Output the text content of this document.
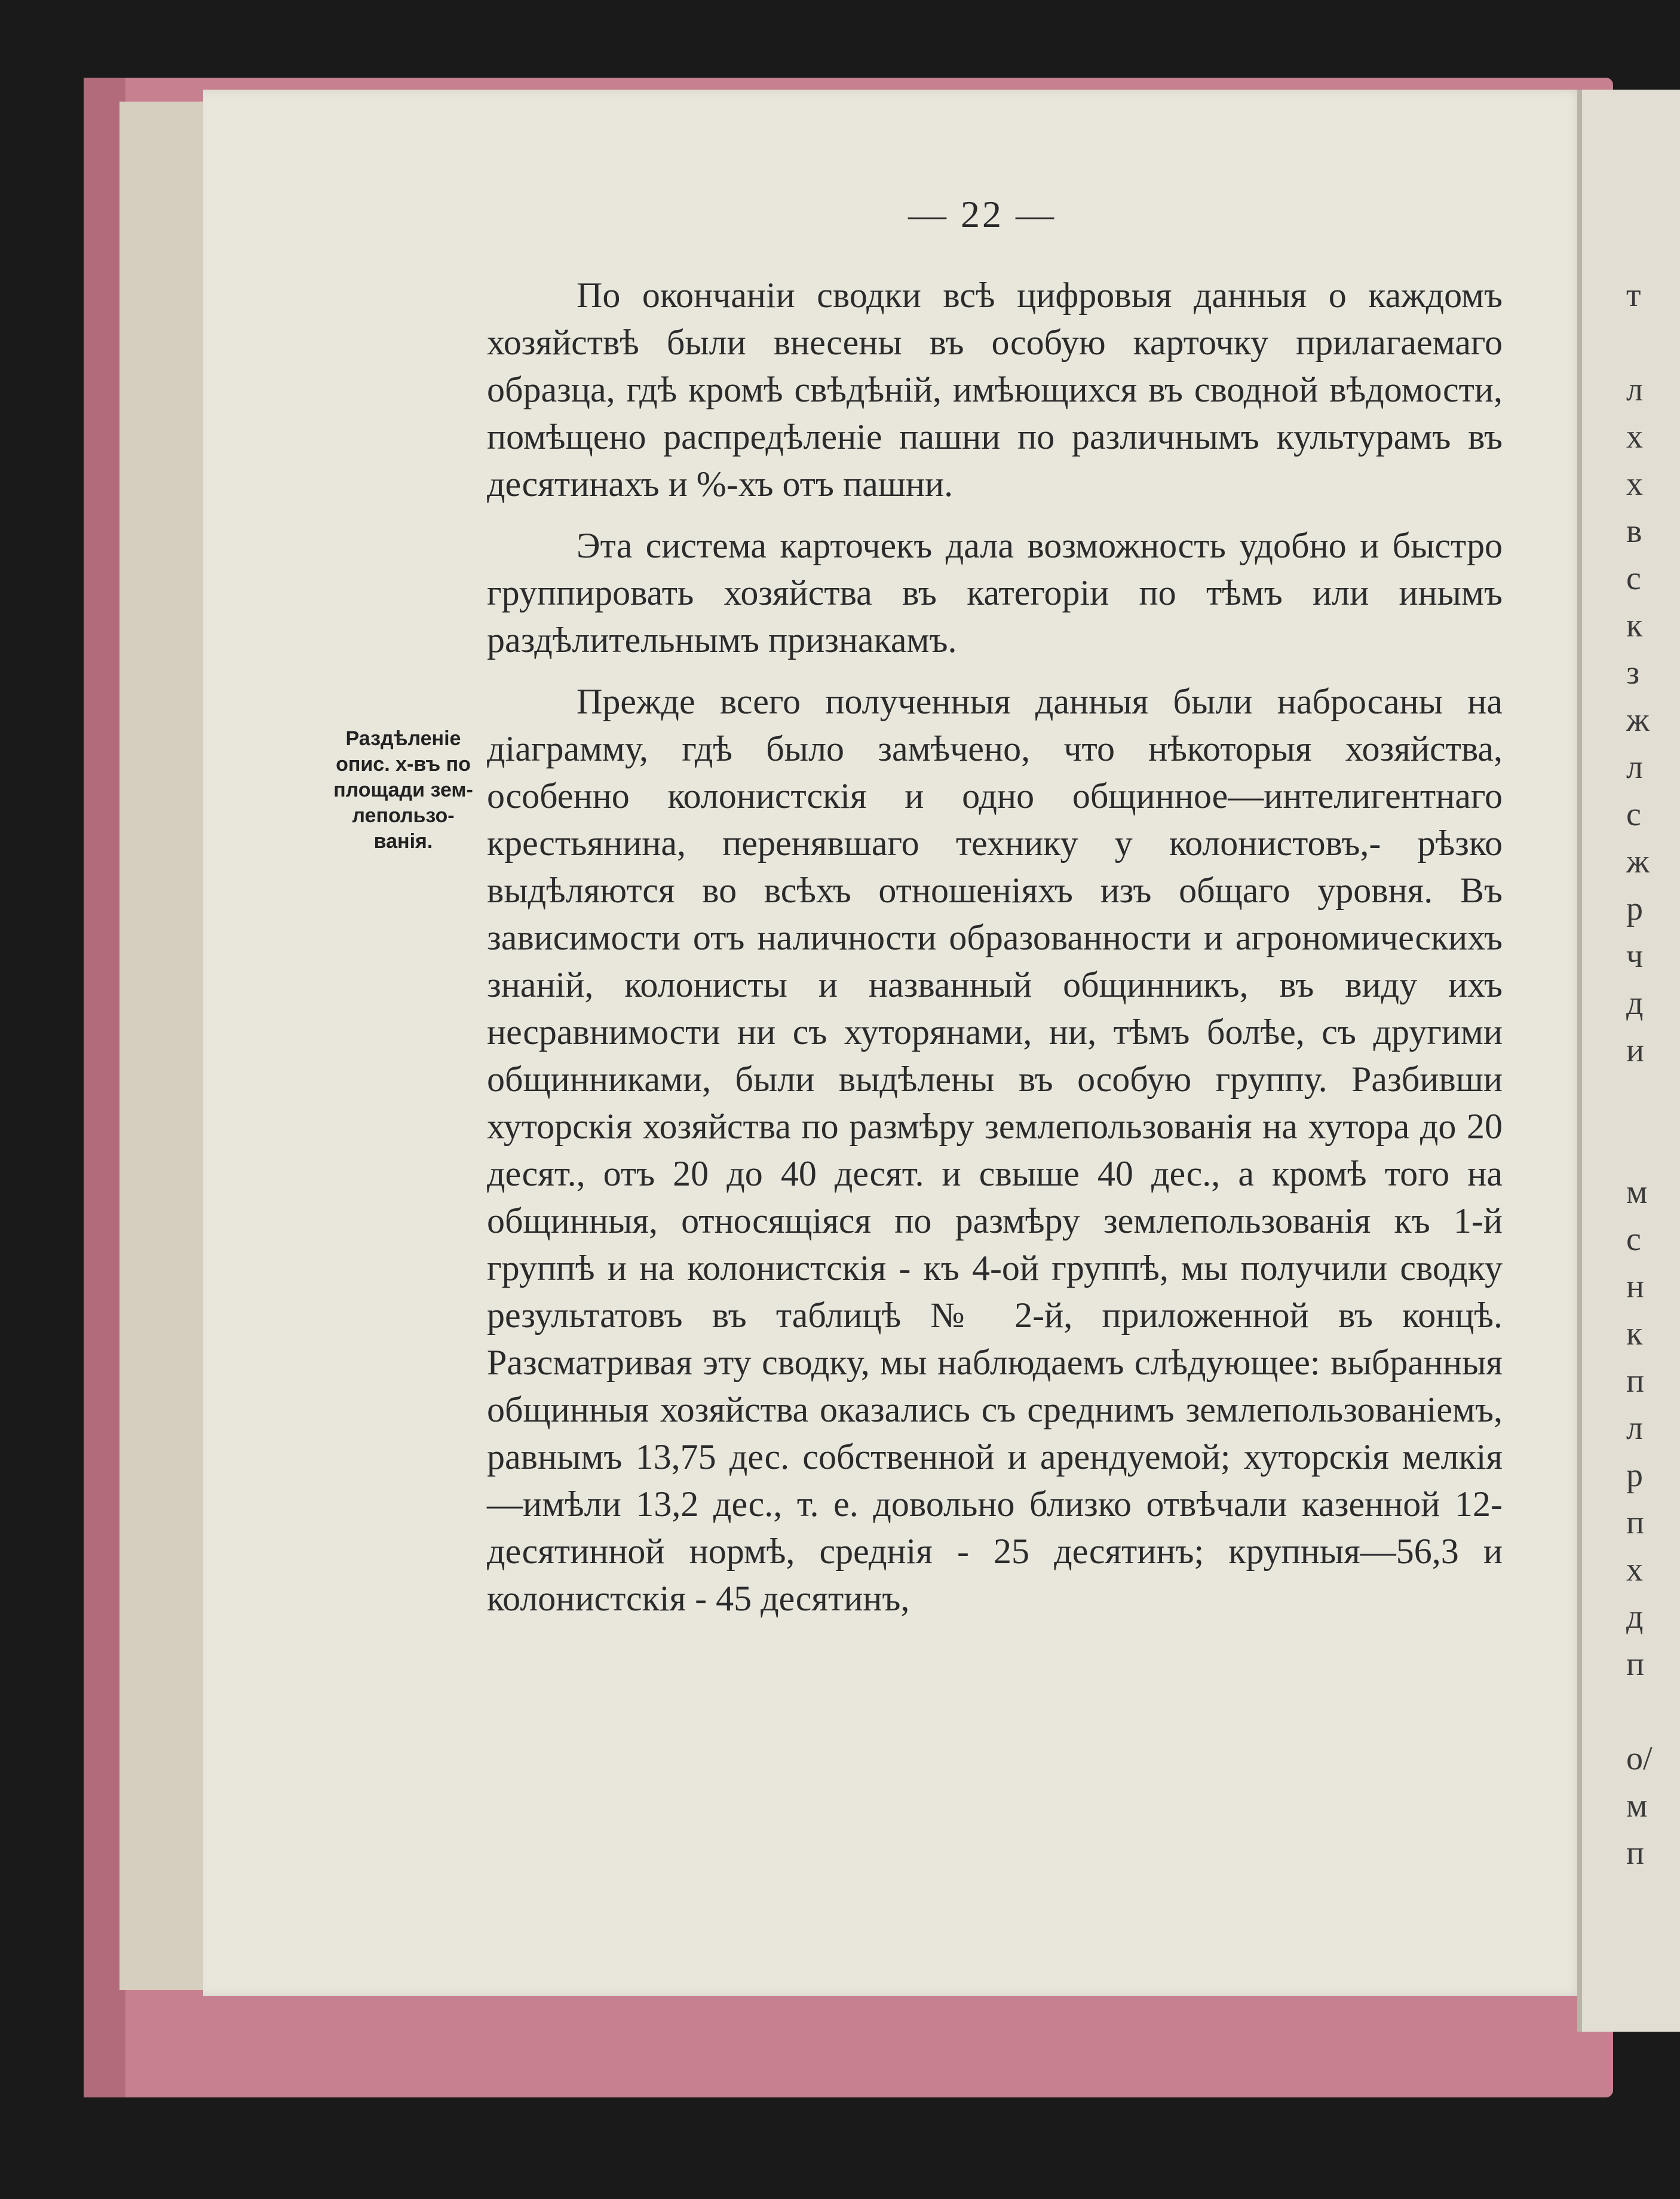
— 22 —
Раздѣленіе
опис. х-въ по
площади зем-
лепользо-
ванія.

По окончаніи сводки всѣ цифровыя данныя о каждомъ хозяйствѣ были внесены въ особую карточку прилагаемаго образца, гдѣ кромѣ свѣдѣній, имѣющихся въ сводной вѣдомости, помѣщено распредѣленіе пашни по различнымъ культурамъ въ десятинахъ и %-хъ отъ пашни.

Эта система карточекъ дала возможность удобно и быстро группировать хозяйства въ категоріи по тѣмъ или инымъ раздѣлительнымъ признакамъ.

Прежде всего полученныя данныя были набросаны на діаграмму, гдѣ было замѣчено, что нѣкоторыя хозяйства, особенно колонистскія и одно общинное—интелигентнаго крестьянина, перенявшаго технику у колонистовъ,- рѣзко выдѣляются во всѣхъ отношеніяхъ изъ общаго уровня. Въ зависимости отъ наличности образованности и агрономическихъ знаній, колонисты и названный общинникъ, въ виду ихъ несравнимости ни съ хуторянами, ни, тѣмъ болѣе, съ другими общинниками, были выдѣлены въ особую группу. Разбивши хуторскія хозяйства по размѣру землепользованія на хутора до 20 десят., отъ 20 до 40 десят. и свыше 40 дес., а кромѣ того на общинныя, относящіяся по размѣру землепользованія къ 1-й группѣ и на колонистскія - къ 4-ой группѣ, мы получили сводку результатовъ въ таблицѣ № 2-й, приложенной въ концѣ. Разсматривая эту сводку, мы наблюдаемъ слѣдующее: выбранныя общинныя хозяйства оказались съ среднимъ землепользованіемъ, равнымъ 13,75 дес. собственной и арендуемой; хуторскія мелкія—имѣли 13,2 дес., т. е. довольно близко отвѣчали казенной 12-десятинной нормѣ, среднія - 25 десятинъ; крупныя—56,3 и колонистскія - 45 десятинъ,

т

л
х
х
в
с
к
з
ж
л
с
ж
р
ч
д
и

м
с
н
к
п
л
р
п
х
д
п

o/
м
п
